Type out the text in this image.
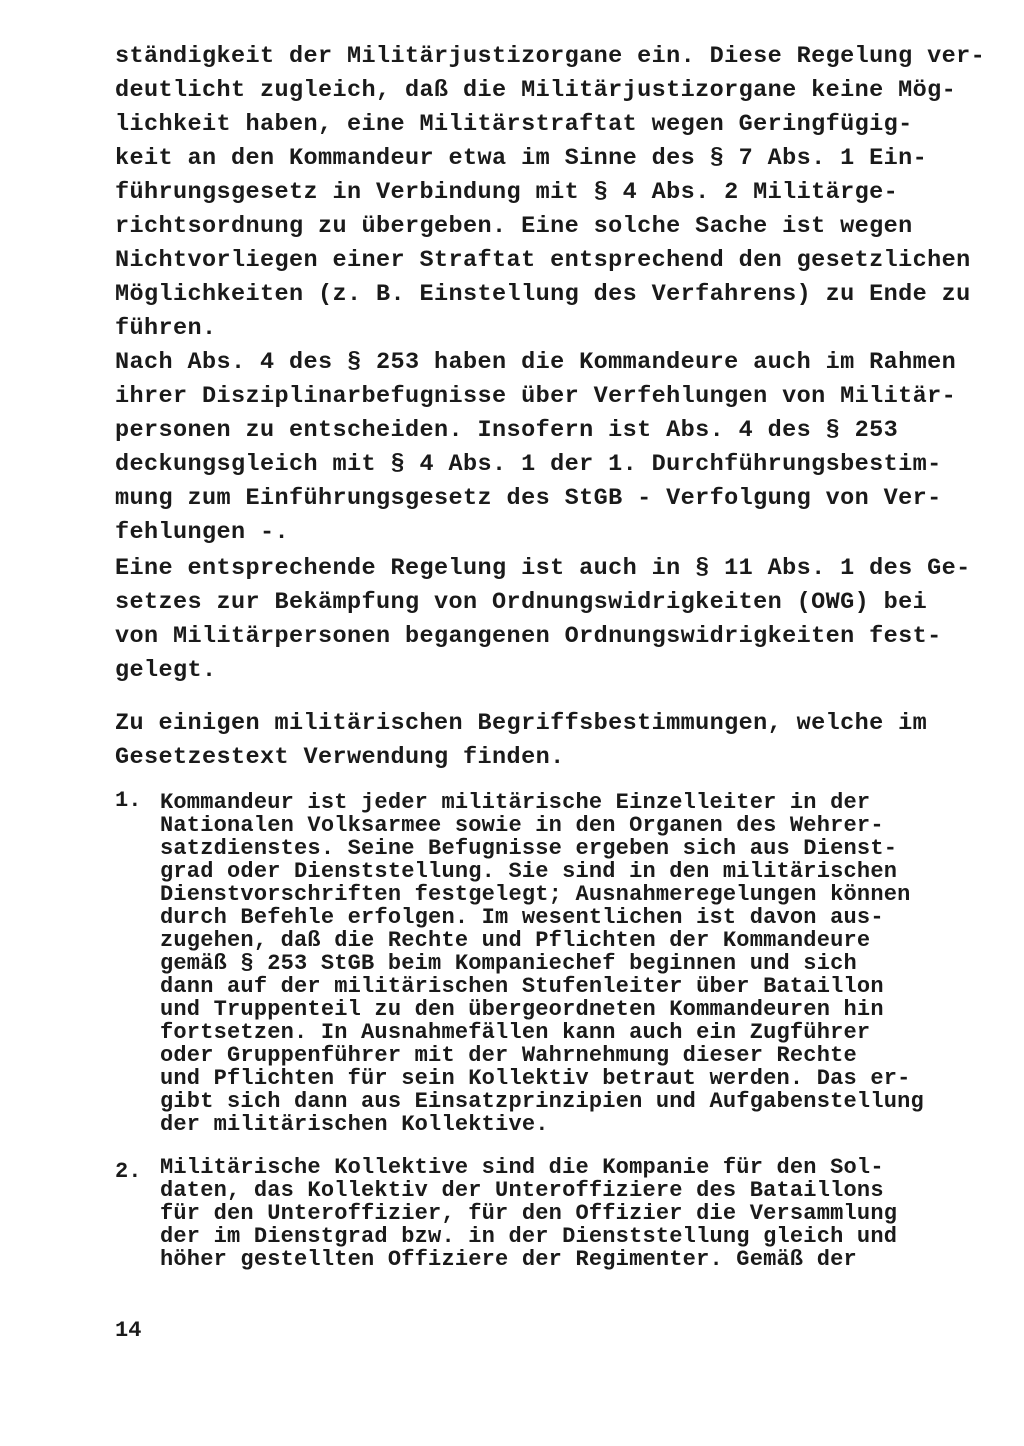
ständigkeit der Militärjustizorgane ein. Diese Regelung ver-
deutlicht zugleich, daß die Militärjustizorgane keine Mög-
lichkeit haben, eine Militärstraftat wegen Geringfügig-
keit an den Kommandeur etwa im Sinne des § 7 Abs. 1 Ein-
führungsgesetz in Verbindung mit § 4 Abs. 2 Militärge-
richtsordnung zu übergeben. Eine solche Sache ist wegen
Nichtvorliegen einer Straftat entsprechend den gesetzlichen
Möglichkeiten (z. B. Einstellung des Verfahrens) zu Ende zu
führen.
Nach Abs. 4 des § 253 haben die Kommandeure auch im Rahmen
ihrer Disziplinarbefugnisse über Verfehlungen von Militär-
personen zu entscheiden. Insofern ist Abs. 4 des § 253
deckungsgleich mit § 4 Abs. 1 der 1. Durchführungsbestim-
mung zum Einführungsgesetz des StGB - Verfolgung von Ver-
fehlungen -.
Eine entsprechende Regelung ist auch in § 11 Abs. 1 des Ge-
setzes zur Bekämpfung von Ordnungswidrigkeiten (OWG) bei
von Militärpersonen begangenen Ordnungswidrigkeiten fest-
gelegt.
Zu einigen militärischen Begriffsbestimmungen, welche im
Gesetzestext Verwendung finden.
1. Kommandeur ist jeder militärische Einzelleiter in der
Nationalen Volksarmee sowie in den Organen des Wehrer-
satzdienstes. Seine Befugnisse ergeben sich aus Dienst-
grad oder Dienststellung. Sie sind in den militärischen
Dienstvorschriften festgelegt; Ausnahmeregelungen können
durch Befehle erfolgen. Im wesentlichen ist davon aus-
zugehen, daß die Rechte und Pflichten der Kommandeure
gemäß § 253 StGB beim Kompaniechef beginnen und sich
dann auf der militärischen Stufenleiter über Bataillon
und Truppenteil zu den übergeordneten Kommandeuren hin
fortsetzen. In Ausnahmefällen kann auch ein Zugführer
oder Gruppenführer mit der Wahrnehmung dieser Rechte
und Pflichten für sein Kollektiv betraut werden. Das er-
gibt sich dann aus Einsatzprinzipien und Aufgabenstellung
der militärischen Kollektive.
2. Militärische Kollektive sind die Kompanie für den Sol-
daten, das Kollektiv der Unteroffiziere des Bataillons
für den Unteroffizier, für den Offizier die Versammlung
der im Dienstgrad bzw. in der Dienststellung gleich und
höher gestellten Offiziere der Regimenter. Gemäß der
14
